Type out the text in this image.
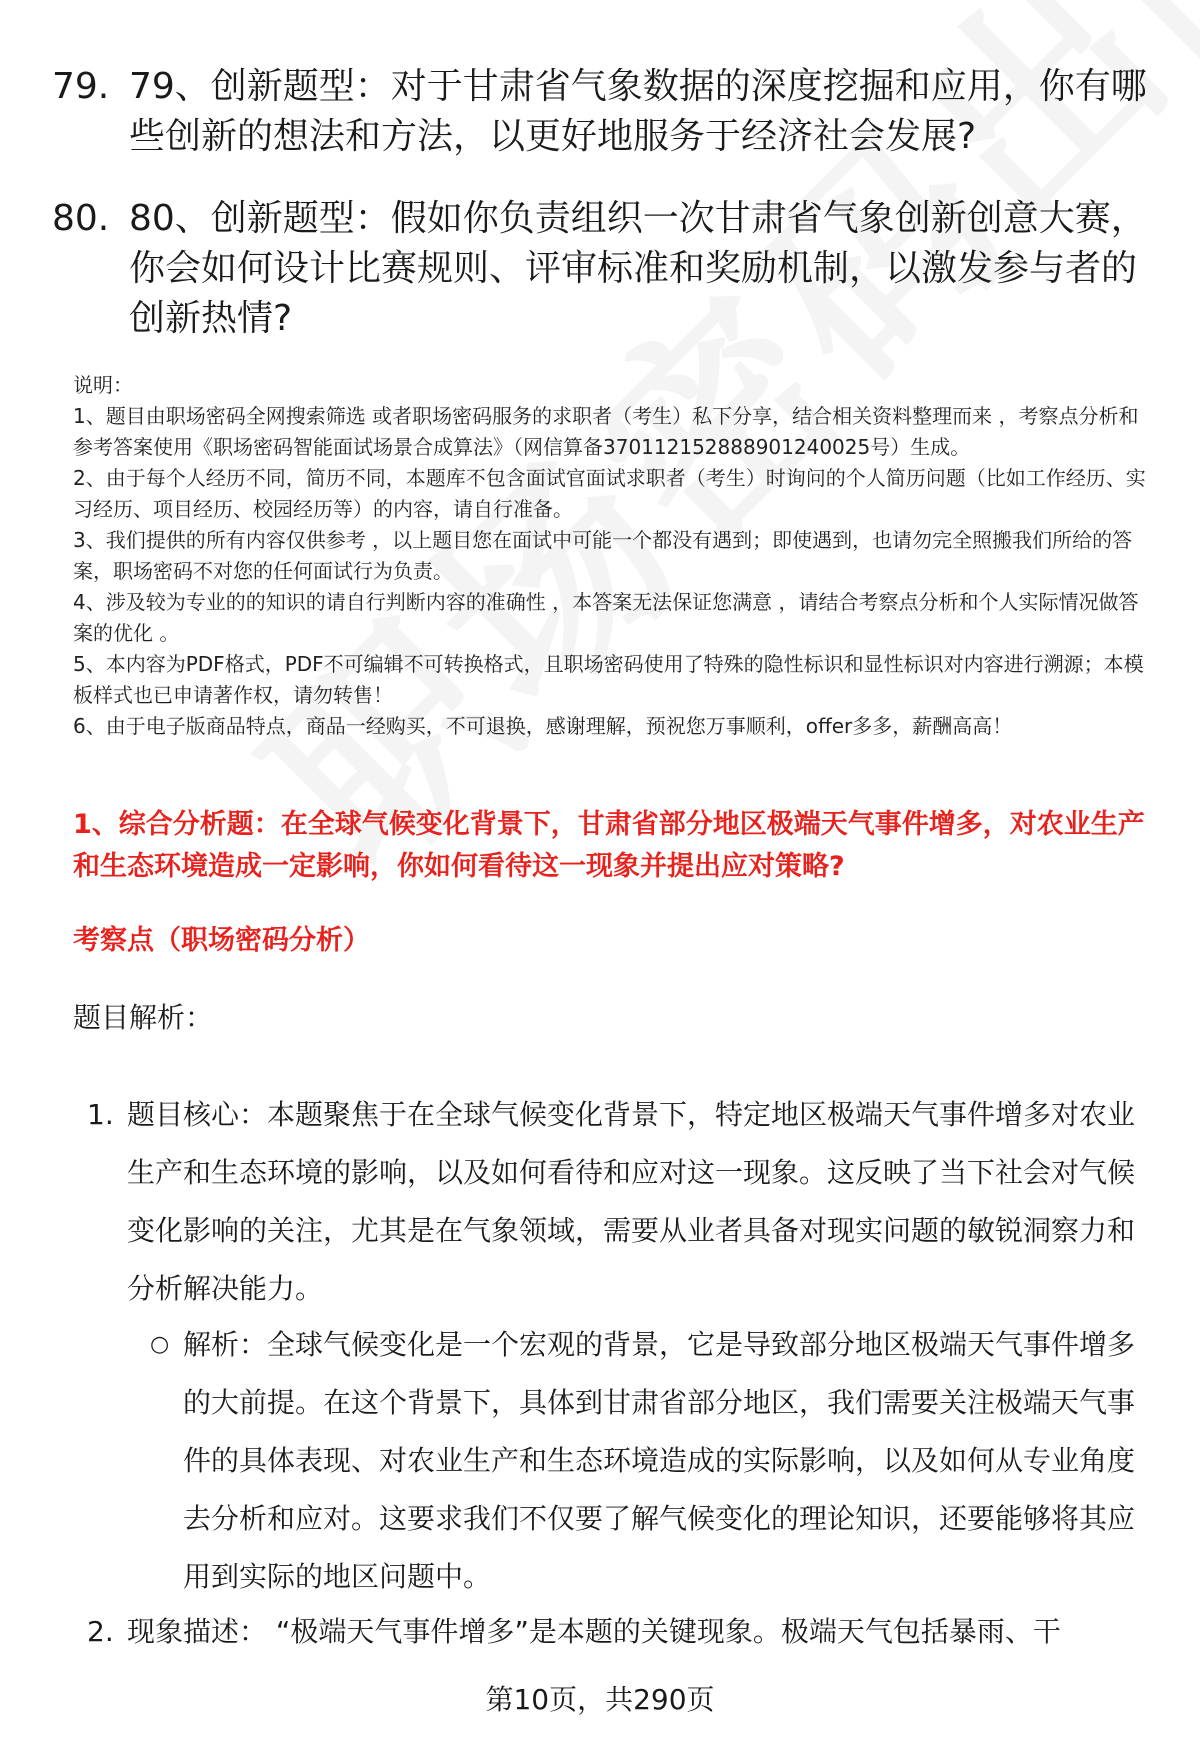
79. 79、创新题型：对于甘肃省气象数据的深度挖掘和应用，你有哪些创新的想法和方法，以更好地服务于经济社会发展?
80. 80、创新题型：假如你负责组织一次甘肃省气象创新创意大赛，你会如何设计比赛规则、评审标准和奖励机制，以激发参与者的创新热情?

说明：

1、题目由职场密码全网搜索筛选 或者职场密码服务的求职者（考生）私下分享，结合相关资料整理而来 ，考察点分析和参考答案使用《职场密码智能面试场景合成算法》（网信算备370112152888901240025号）生成。

2、由于每个人经历不同，简历不同，本题库不包含面试官面试求职者（考生）时询问的个人简历问题（比如工作经历、实习经历、项目经历、校园经历等）的内容，请自行准备。

3、我们提供的所有内容仅供参考 ，以上题目您在面试中可能一个都没有遇到；即使遇到，也请勿完全照搬我们所给的答案，职场密码不对您的任何面试行为负责。

4、涉及较为专业的的知识的请自行判断内容的准确性 ，本答案无法保证您满意 ，请结合考察点分析和个人实际情况做答案的优化 。

5、本内容为PDF格式，PDF不可编辑不可转换格式，且职场密码使用了特殊的隐性标识和显性标识对内容进行溯源；本模板样式也已申请著作权，请勿转售！

6、由于电子版商品特点，商品一经购买，不可退换，感谢理解，预祝您万事顺利，offer多多，薪酬高高！

1、综合分析题：在全球气候变化背景下，甘肃省部分地区极端天气事件增多，对农业生产和生态环境造成一定影响，你如何看待这一现象并提出应对策略?
考察点（职场密码分析）
题目解析：
1. 题目核心：本题聚焦于在全球气候变化背景下，特定地区极端天气事件增多对农业生产和生态环境的影响，以及如何看待和应对这一现象。这反映了当下社会对气候变化影响的关注，尤其是在气象领域，需要从业者具备对现实问题的敏锐洞察力和分析解决能力。
○ 解析：全球气候变化是一个宏观的背景，它是导致部分地区极端天气事件增多的大前提。在这个背景下，具体到甘肃省部分地区，我们需要关注极端天气事件的具体表现、对农业生产和生态环境造成的实际影响，以及如何从专业角度去分析和应对。这要求我们不仅要了解气候变化的理论知识，还要能够将其应用到实际的地区问题中。
2. 现象描述： “极端天气事件增多”是本题的关键现象。极端天气包括暴雨、干
第10页，共290页
